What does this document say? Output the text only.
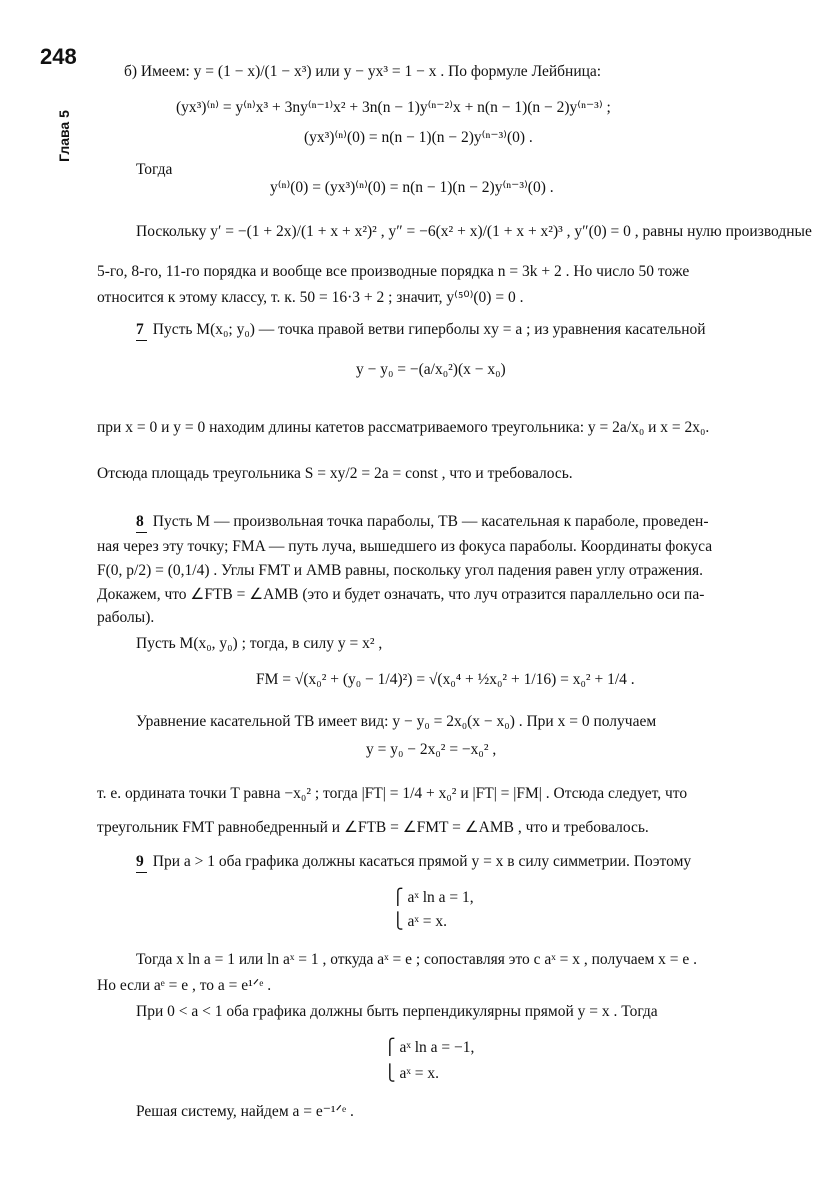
248
Глава 5
б) Имеем: y = (1 − x)/(1 − x³) или y − yx³ = 1 − x . По формуле Лейбница:
(yx³)⁽ⁿ⁾ = y⁽ⁿ⁾x³ + 3ny⁽ⁿ⁻¹⁾x² + 3n(n − 1)y⁽ⁿ⁻²⁾x + n(n − 1)(n − 2)y⁽ⁿ⁻³⁾ ;
(yx³)⁽ⁿ⁾(0) = n(n − 1)(n − 2)y⁽ⁿ⁻³⁾(0) .
Тогда
y⁽ⁿ⁾(0) = (yx³)⁽ⁿ⁾(0) = n(n − 1)(n − 2)y⁽ⁿ⁻³⁾(0) .
Поскольку y′ = −(1 + 2x)/(1 + x + x²)² , y″ = −6(x² + x)/(1 + x + x²)³ , y″(0) = 0 , равны нулю производные
5-го, 8-го, 11-го порядка и вообще все производные порядка n = 3k + 2 . Но число 50 тоже
относится к этому классу, т. к. 50 = 16·3 + 2 ; значит, y⁽⁵⁰⁾(0) = 0 .
7 Пусть M(x₀; y₀) — точка правой ветви гиперболы xy = a ; из уравнения касательной
y − y₀ = −(a/x₀²)(x − x₀)
при x = 0 и y = 0 находим длины катетов рассматриваемого треугольника: y = 2a/x₀ и x = 2x₀.
Отсюда площадь треугольника S = xy/2 = 2a = const , что и требовалось.
8 Пусть M — произвольная точка параболы, TB — касательная к параболе, проведен-
ная через эту точку; FMA — путь луча, вышедшего из фокуса параболы. Координаты фокуса
F(0, p/2) = (0,1/4) . Углы FMT и AMB равны, поскольку угол падения равен углу отражения.
Докажем, что ∠FTB = ∠AMB (это и будет означать, что луч отразится параллельно оси па-
раболы).
Пусть M(x₀, y₀) ; тогда, в силу y = x² ,
FM = √(x₀² + (y₀ − 1/4)²) = √(x₀⁴ + ½x₀² + 1/16) = x₀² + 1/4 .
Уравнение касательной TB имеет вид: y − y₀ = 2x₀(x − x₀) . При x = 0 получаем
y = y₀ − 2x₀² = −x₀² ,
т. е. ордината точки T равна −x₀² ; тогда |FT| = 1/4 + x₀² и |FT| = |FM| . Отсюда следует, что
треугольник FMT равнобедренный и ∠FTB = ∠FMT = ∠AMB , что и требовалось.
9 При a > 1 оба графика должны касаться прямой y = x в силу симметрии. Поэтому
⎧ aˣ ln a = 1,
⎩ aˣ = x.
Тогда x ln a = 1 или ln aˣ = 1 , откуда aˣ = e ; сопоставляя это с aˣ = x , получаем x = e .
Но если aᵉ = e , то a = e¹ᐟᵉ .
При 0 < a < 1 оба графика должны быть перпендикулярны прямой y = x . Тогда
⎧ aˣ ln a = −1,
⎩ aˣ = x.
Решая систему, найдем a = e⁻¹ᐟᵉ .
